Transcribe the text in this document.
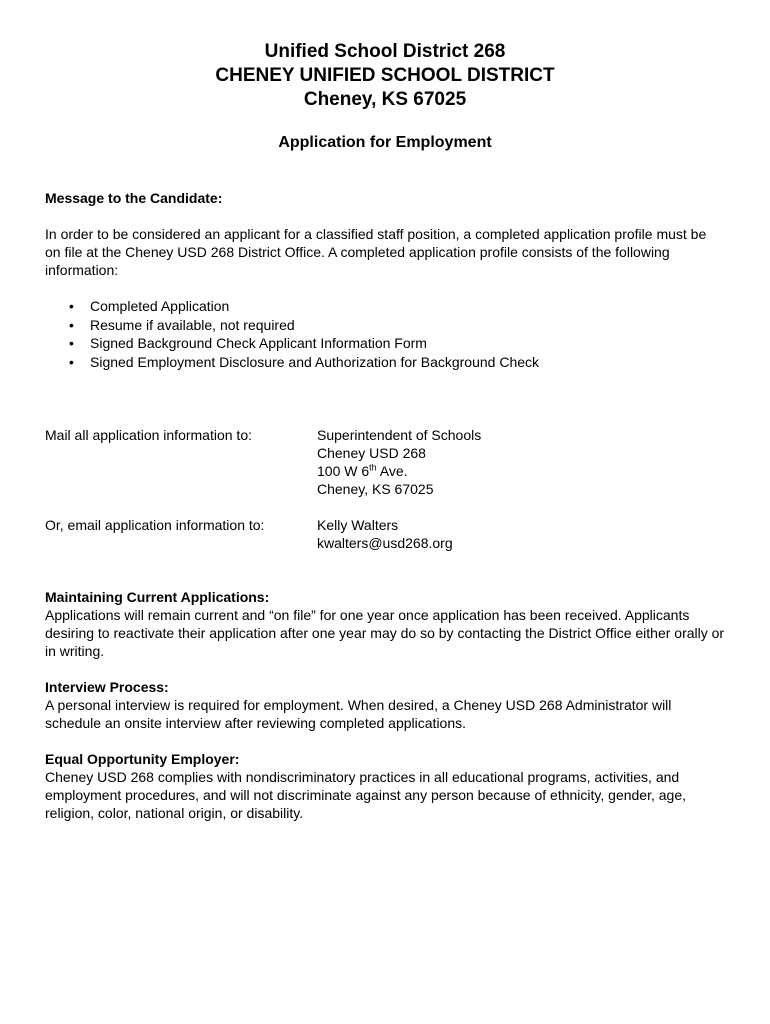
Unified School District 268
CHENEY UNIFIED SCHOOL DISTRICT
Cheney, KS 67025
Application for Employment
Message to the Candidate:
In order to be considered an applicant for a classified staff position, a completed application profile must be on file at the Cheney USD 268 District Office. A completed application profile consists of the following information:
• Completed Application
• Resume if available, not required
• Signed Background Check Applicant Information Form
• Signed Employment Disclosure and Authorization for Background Check
Mail all application information to:	Superintendent of Schools
Cheney USD 268
100 W 6th Ave.
Cheney, KS 67025
Or, email application information to:	Kelly Walters
kwalters@usd268.org
Maintaining Current Applications:
Applications will remain current and “on file” for one year once application has been received. Applicants desiring to reactivate their application after one year may do so by contacting the District Office either orally or in writing.
Interview Process:
A personal interview is required for employment. When desired, a Cheney USD 268 Administrator will schedule an onsite interview after reviewing completed applications.
Equal Opportunity Employer:
Cheney USD 268 complies with nondiscriminatory practices in all educational programs, activities, and employment procedures, and will not discriminate against any person because of ethnicity, gender, age, religion, color, national origin, or disability.
